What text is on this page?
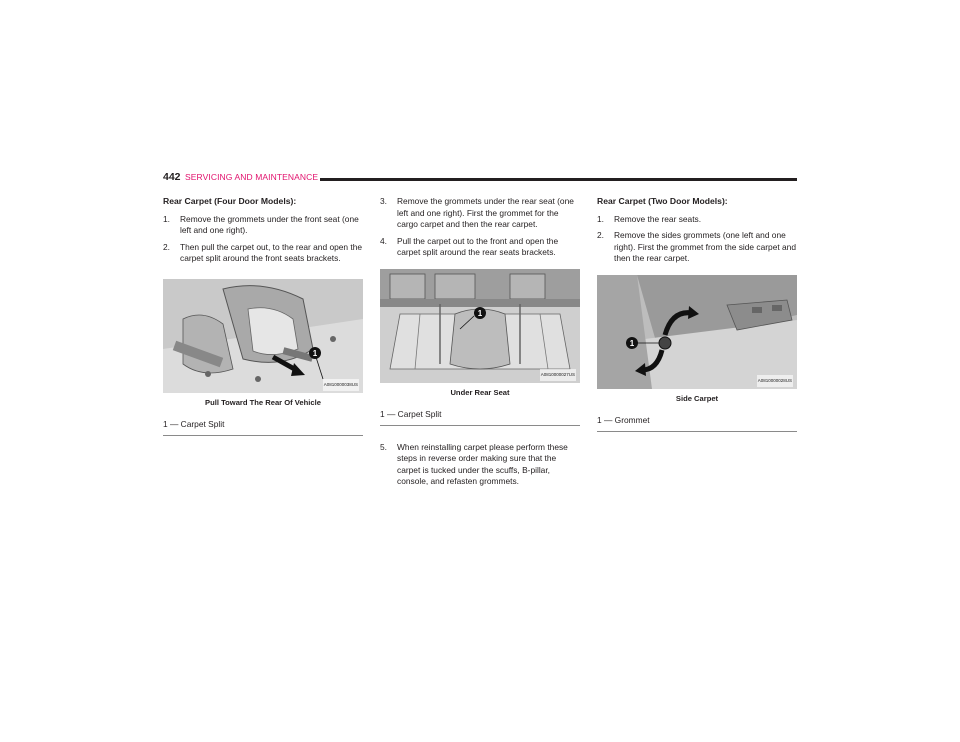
442 SERVICING AND MAINTENANCE

Rear Carpet (Four Door Models):

1. Remove the grommets under the front seat (one left and one right).
2. Then pull the carpet out, to the rear and open the carpet split around the front seats brackets.
1
A0810000038US
Pull Toward The Rear Of Vehicle
1 — Carpet Split
3. Remove the grommets under the rear seat (one left and one right). First the grommet for the cargo carpet and then the rear carpet.
4. Pull the carpet out to the front and open the carpet split around the rear seats brackets.
1
A0810000027US
Under Rear Seat
1 — Carpet Split
5. When reinstalling carpet please perform these steps in reverse order making sure that the carpet is tucked under the scuffs, B-pillar, console, and refasten grommets.

Rear Carpet (Two Door Models):

1. Remove the rear seats.
2. Remove the sides grommets (one left and one right). First the grommet from the side carpet and then the rear carpet.
1
A0810000028US
Side Carpet
1 — Grommet
